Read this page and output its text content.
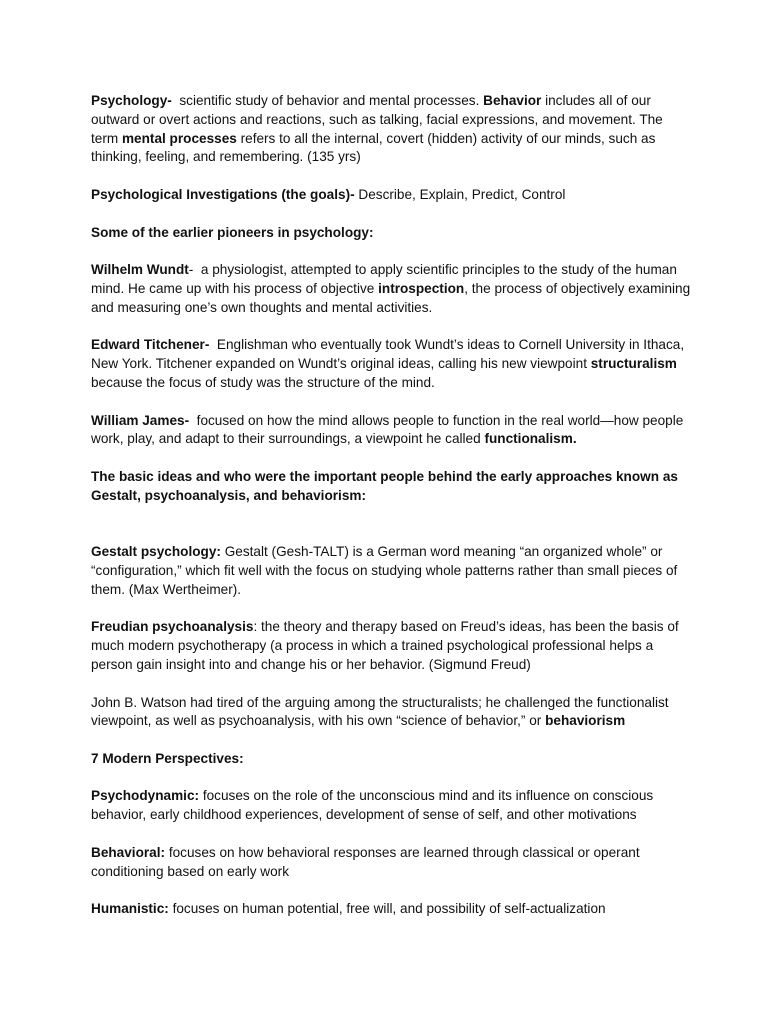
Psychology-  scientific study of behavior and mental processes. Behavior includes all of our outward or overt actions and reactions, such as talking, facial expressions, and movement. The term mental processes refers to all the internal, covert (hidden) activity of our minds, such as thinking, feeling, and remembering. (135 yrs)

Psychological Investigations (the goals)- Describe, Explain, Predict, Control

Some of the earlier pioneers in psychology:

Wilhelm Wundt-  a physiologist, attempted to apply scientific principles to the study of the human mind. He came up with his process of objective introspection, the process of objectively examining and measuring one’s own thoughts and mental activities.

Edward Titchener-  Englishman who eventually took Wundt’s ideas to Cornell University in Ithaca, New York. Titchener expanded on Wundt’s original ideas, calling his new viewpoint structuralism because the focus of study was the structure of the mind.

William James-  focused on how the mind allows people to function in the real world—how people work, play, and adapt to their surroundings, a viewpoint he called functionalism.

The basic ideas and who were the important people behind the early approaches known as Gestalt, psychoanalysis, and behaviorism:

Gestalt psychology: Gestalt (Gesh-TALT) is a German word meaning “an organized whole” or “configuration,” which fit well with the focus on studying whole patterns rather than small pieces of them. (Max Wertheimer).

Freudian psychoanalysis: the theory and therapy based on Freud’s ideas, has been the basis of much modern psychotherapy (a process in which a trained psychological professional helps a person gain insight into and change his or her behavior. (Sigmund Freud)

John B. Watson had tired of the arguing among the structuralists; he challenged the functionalist viewpoint, as well as psychoanalysis, with his own “science of behavior,” or behaviorism

7 Modern Perspectives:

Psychodynamic: focuses on the role of the unconscious mind and its influence on conscious behavior, early childhood experiences, development of sense of self, and other motivations

Behavioral: focuses on how behavioral responses are learned through classical or operant conditioning based on early work

Humanistic: focuses on human potential, free will, and possibility of self-actualization
